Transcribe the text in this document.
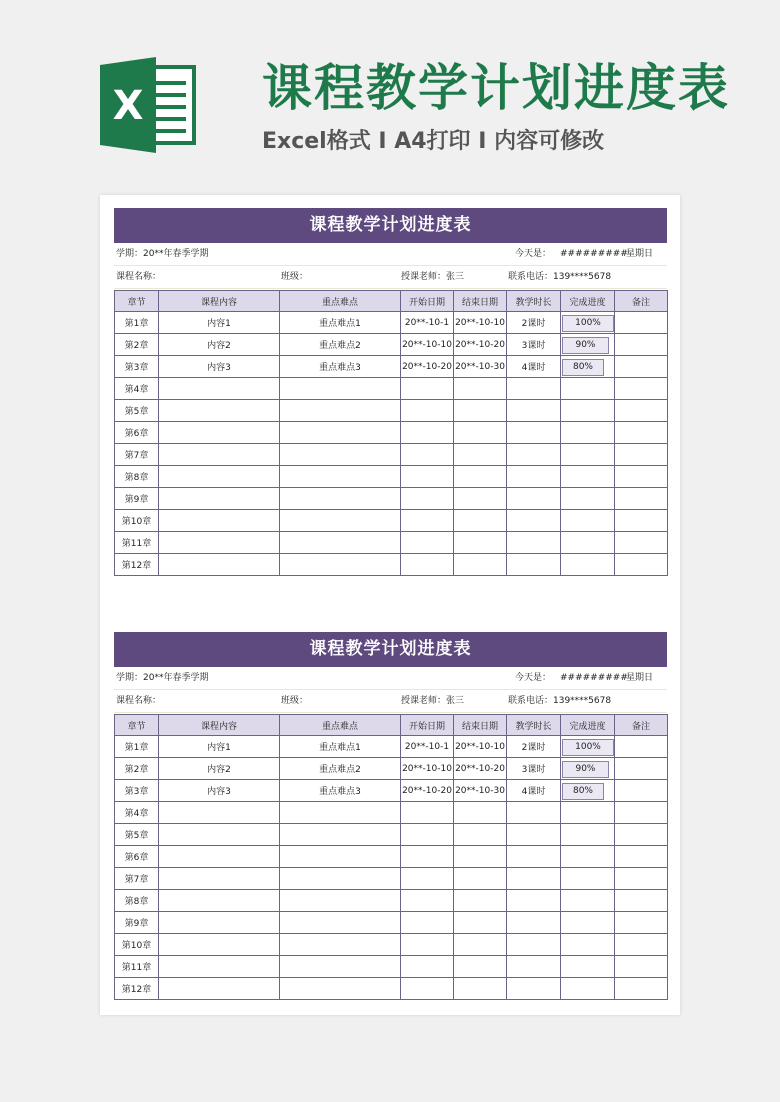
X 课程教学计划进度表
Excel格式 I A4打印 I 内容可修改
课程教学计划进度表
学期：20**年春季学期	今天是： #########
星期日
课程名称：	班级：	授课老师：张三	联系电话：139****5678
章节	课程内容	重点难点	开始日期	结束日期	教学时长	完成进度	备注
第1章	内容1	重点难点1	20**-10-1	20**-10-10	2课时	100%	

第2章	内容2	重点难点2	20**-10-10	20**-10-20	3课时	90%	

第3章	内容3	重点难点3	20**-10-20	20**-10-30	4课时	80%	

第4章							
第5章							
第6章							
第7章							
第8章							
第9章							
第10章							
第11章							
第12章							
课程教学计划进度表
学期：20**年春季学期	今天是： #########
星期日
课程名称：	班级：	授课老师：张三	联系电话：139****5678
章节	课程内容	重点难点	开始日期	结束日期	教学时长	完成进度	备注
第1章	内容1	重点难点1	20**-10-1	20**-10-10	2课时	100%	

第2章	内容2	重点难点2	20**-10-10	20**-10-20	3课时	90%	

第3章	内容3	重点难点3	20**-10-20	20**-10-30	4课时	80%	

第4章							
第5章							
第6章							
第7章							
第8章							
第9章							
第10章							
第11章							
第12章							
